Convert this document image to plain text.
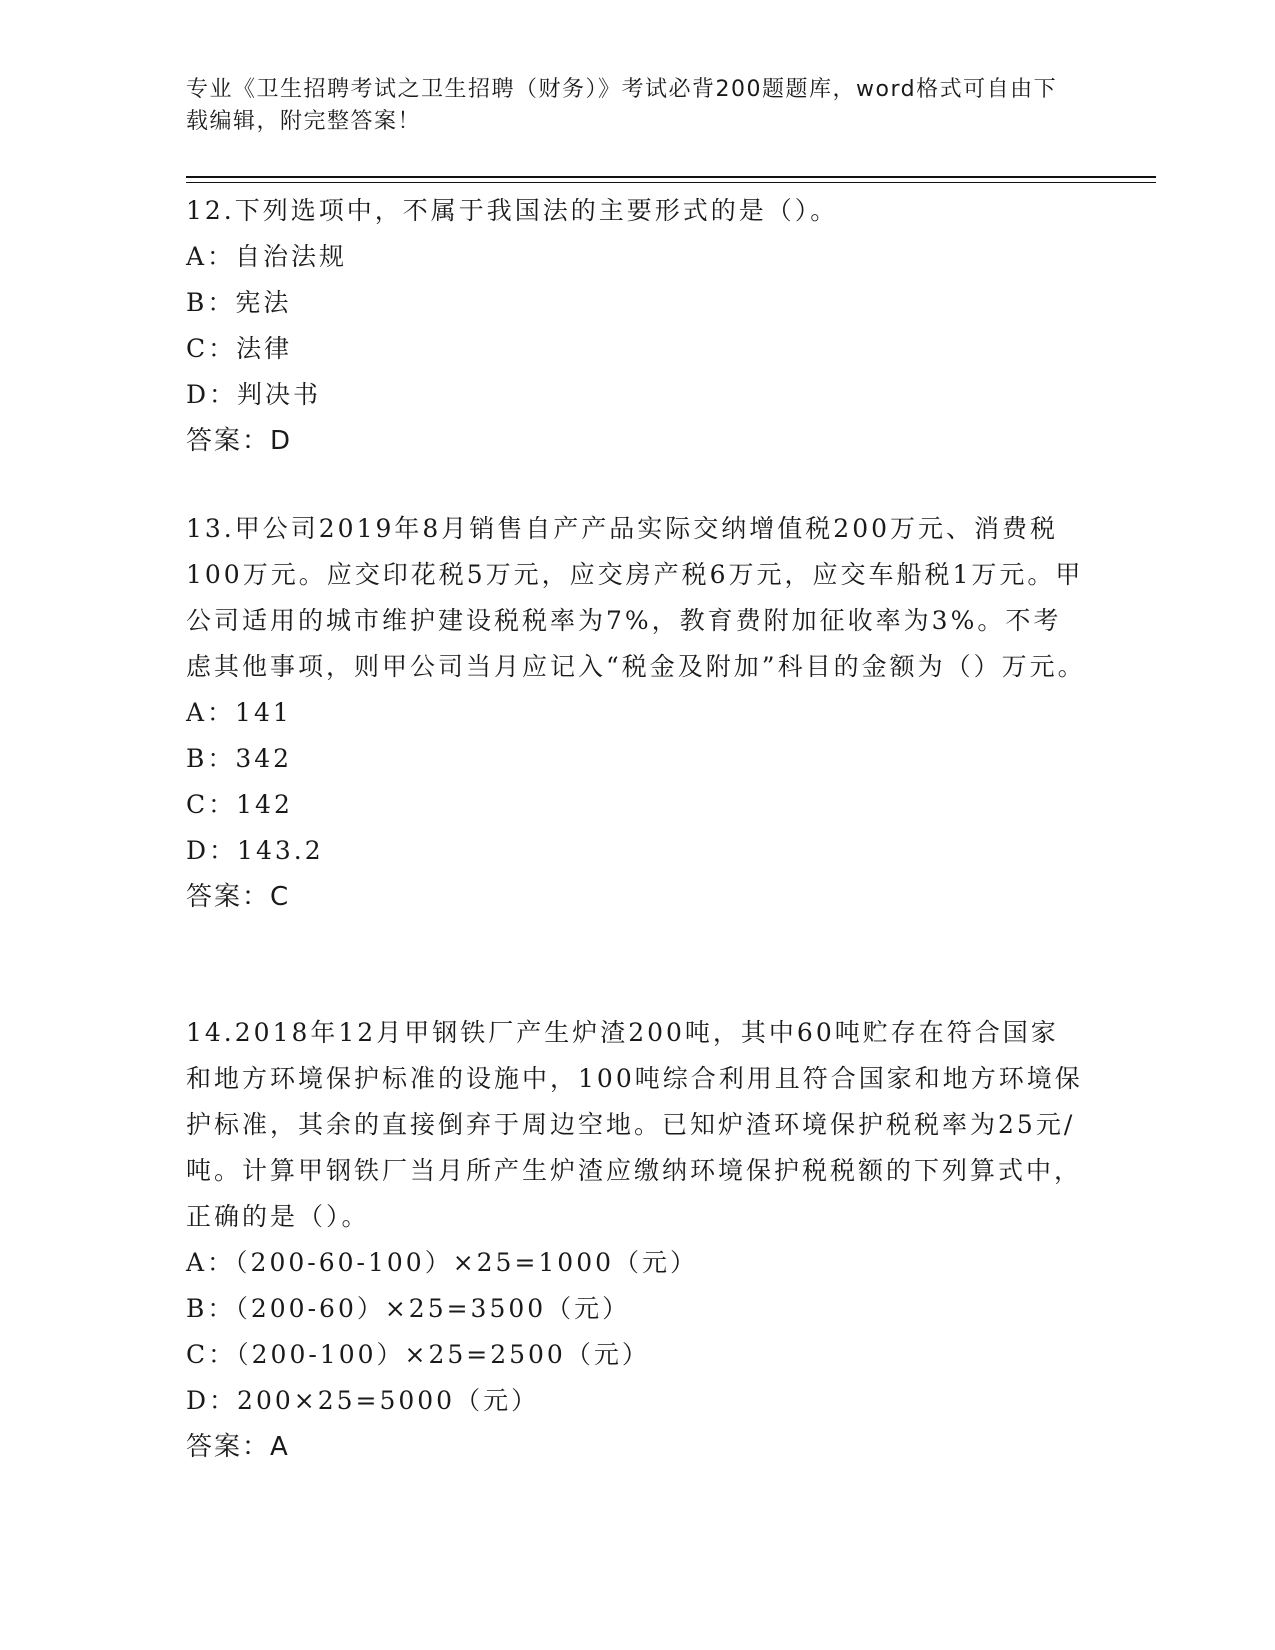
专业《卫生招聘考试之卫生招聘（财务）》考试必背200题题库，word格式可自由下载编辑，附完整答案！

12.下列选项中，不属于我国法的主要形式的是（）。

A：自治法规

B：宪法

C：法律

D：判决书

答案：D

13.甲公司2019年8月销售自产产品实际交纳增值税200万元、消费税100万元。应交印花税5万元，应交房产税6万元，应交车船税1万元。甲公司适用的城市维护建设税税率为7%，教育费附加征收率为3%。不考虑其他事项，则甲公司当月应记入“税金及附加”科目的金额为（）万元。

A：141

B：342

C：142

D：143.2

答案：C

14.2018年12月甲钢铁厂产生炉渣200吨，其中60吨贮存在符合国家和地方环境保护标准的设施中，100吨综合利用且符合国家和地方环境保护标准，其余的直接倒弃于周边空地。已知炉渣环境保护税税率为25元/吨。计算甲钢铁厂当月所产生炉渣应缴纳环境保护税税额的下列算式中，正确的是（）。

A：（200-60-100）×25=1000（元）

B：（200-60）×25=3500（元）

C：（200-100）×25=2500（元）

D：200×25=5000（元）

答案：A
